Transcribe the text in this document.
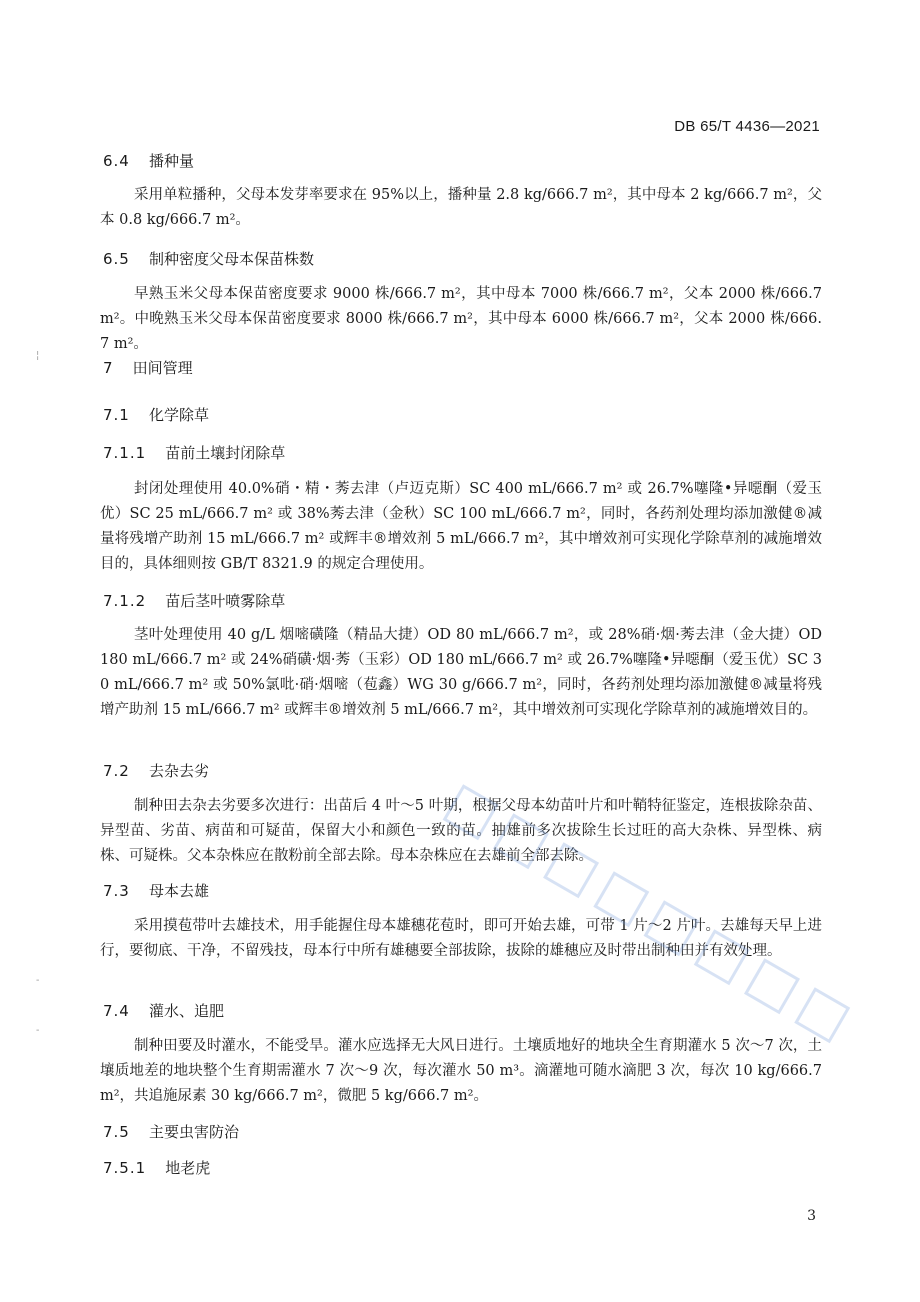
DB 65/T 4436—2021
6.4 播种量

采用单粒播种，父母本发芽率要求在 95%以上，播种量 2.8 kg/666.7 m²，其中母本 2 kg/666.7 m²，父本 0.8 kg/666.7 m²。

6.5 制种密度父母本保苗株数

早熟玉米父母本保苗密度要求 9000 株/666.7 m²，其中母本 7000 株/666.7 m²，父本 2000 株/666.7 m²。中晚熟玉米父母本保苗密度要求 8000 株/666.7 m²，其中母本 6000 株/666.7 m²，父本 2000 株/666.7 m²。

7 田间管理
7.1 化学除草
7.1.1 苗前土壤封闭除草

封闭处理使用 40.0%硝・精・莠去津（卢迈克斯）SC 400 mL/666.7 m² 或 26.7%噻隆•异噁酮（爱玉优）SC 25 mL/666.7 m² 或 38%莠去津（金秋）SC 100 mL/666.7 m²，同时，各药剂处理均添加激健®减量将残增产助剂 15 mL/666.7 m² 或辉丰®增效剂 5 mL/666.7 m²，其中增效剂可实现化学除草剂的减施增效目的，具体细则按 GB/T 8321.9 的规定合理使用。

7.1.2 苗后茎叶喷雾除草

茎叶处理使用 40 g/L 烟嘧磺隆（精品大捷）OD 80 mL/666.7 m²，或 28%硝·烟·莠去津（金大捷）OD 180 mL/666.7 m² 或 24%硝磺·烟·莠（玉彩）OD 180 mL/666.7 m² 或 26.7%噻隆•异噁酮（爱玉优）SC 30 mL/666.7 m² 或 50%氯吡·硝·烟嘧（苞鑫）WG 30 g/666.7 m²，同时，各药剂处理均添加激健®减量将残增产助剂 15 mL/666.7 m² 或辉丰®增效剂 5 mL/666.7 m²，其中增效剂可实现化学除草剂的减施增效目的。

7.2 去杂去劣

制种田去杂去劣要多次进行：出苗后 4 叶～5 叶期，根据父母本幼苗叶片和叶鞘特征鉴定，连根拔除杂苗、异型苗、劣苗、病苗和可疑苗，保留大小和颜色一致的苗。抽雄前多次拔除生长过旺的高大杂株、异型株、病株、可疑株。父本杂株应在散粉前全部去除。母本杂株应在去雄前全部去除。

7.3 母本去雄

采用摸苞带叶去雄技术，用手能握住母本雄穗花苞时，即可开始去雄，可带 1 片～2 片叶。去雄每天早上进行，要彻底、干净，不留残技，母本行中所有雄穗要全部拔除，拔除的雄穗应及时带出制种田并有效处理。

7.4 灌水、追肥

制种田要及时灌水，不能受旱。灌水应选择无大风日进行。土壤质地好的地块全生育期灌水 5 次～7 次，土壤质地差的地块整个生育期需灌水 7 次～9 次，每次灌水 50 m³。滴灌地可随水滴肥 3 次，每次 10 kg/666.7 m²，共追施尿素 30 kg/666.7 m²，微肥 5 kg/666.7 m²。

7.5 主要虫害防治
7.5.1 地老虎
3
¦
-
-
